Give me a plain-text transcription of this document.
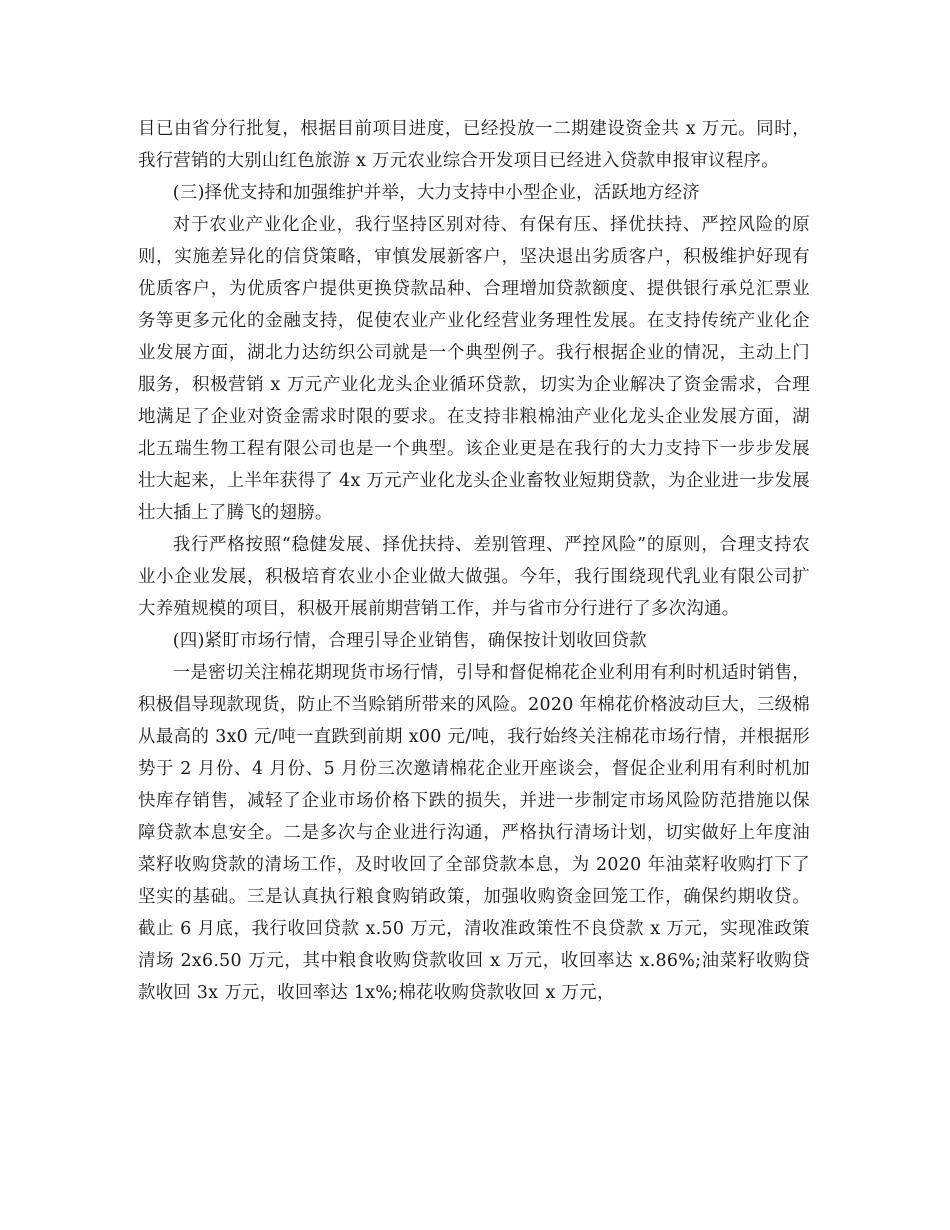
目已由省分行批复，根据目前项目进度，已经投放一二期建设资金共 x 万元。同时，我行营销的大别山红色旅游 x 万元农业综合开发项目已经进入贷款申报审议程序。

(三)择优支持和加强维护并举，大力支持中小型企业，活跃地方经济

对于农业产业化企业，我行坚持区别对待、有保有压、择优扶持、严控风险的原则，实施差异化的信贷策略，审慎发展新客户，坚决退出劣质客户，积极维护好现有优质客户，为优质客户提供更换贷款品种、合理增加贷款额度、提供银行承兑汇票业务等更多元化的金融支持，促使农业产业化经营业务理性发展。在支持传统产业化企业发展方面，湖北力达纺织公司就是一个典型例子。我行根据企业的情况，主动上门服务，积极营销 x 万元产业化龙头企业循环贷款，切实为企业解决了资金需求，合理地满足了企业对资金需求时限的要求。在支持非粮棉油产业化龙头企业发展方面，湖北五瑞生物工程有限公司也是一个典型。该企业更是在我行的大力支持下一步步发展壮大起来，上半年获得了 4x 万元产业化龙头企业畜牧业短期贷款，为企业进一步发展壮大插上了腾飞的翅膀。

我行严格按照“稳健发展、择优扶持、差别管理、严控风险”的原则，合理支持农业小企业发展，积极培育农业小企业做大做强。今年，我行围绕现代乳业有限公司扩大养殖规模的项目，积极开展前期营销工作，并与省市分行进行了多次沟通。

(四)紧盯市场行情，合理引导企业销售，确保按计划收回贷款

一是密切关注棉花期现货市场行情，引导和督促棉花企业利用有利时机适时销售，积极倡导现款现货，防止不当赊销所带来的风险。2020 年棉花价格波动巨大，三级棉从最高的 3x0 元/吨一直跌到前期 x00 元/吨，我行始终关注棉花市场行情，并根据形势于 2 月份、4 月份、5 月份三次邀请棉花企业开座谈会，督促企业利用有利时机加快库存销售，减轻了企业市场价格下跌的损失，并进一步制定市场风险防范措施以保障贷款本息安全。二是多次与企业进行沟通，严格执行清场计划，切实做好上年度油菜籽收购贷款的清场工作，及时收回了全部贷款本息，为 2020 年油菜籽收购打下了坚实的基础。三是认真执行粮食购销政策，加强收购资金回笼工作，确保约期收贷。截止 6 月底，我行收回贷款 x.50 万元，清收准政策性不良贷款 x 万元，实现准政策清场 2x6.50 万元，其中粮食收购贷款收回 x 万元，收回率达 x.86%;油菜籽收购贷款收回 3x 万元，收回率达 1x%;棉花收购贷款收回 x 万元，
